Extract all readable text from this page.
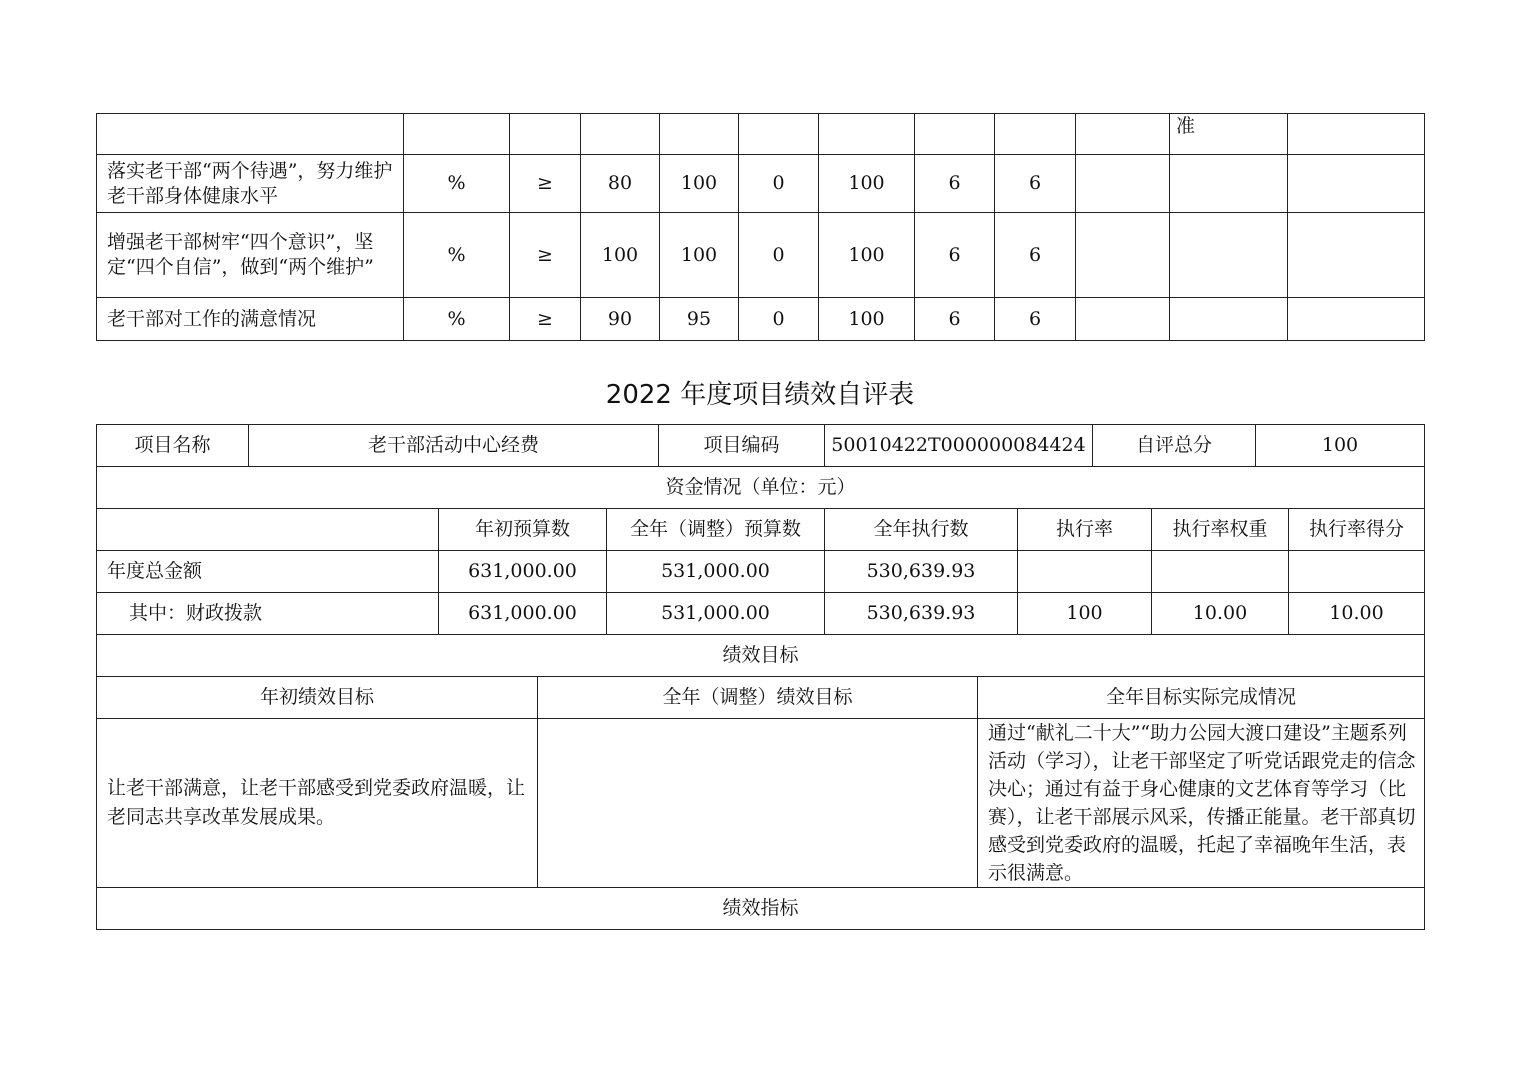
										准	
落实老干部“两个待遇”，努力维护老干部身体健康水平	%	≥	80	100	0	100	6	6			
增强老干部树牢“四个意识”，坚定“四个自信”，做到“两个维护”	%	≥	100	100	0	100	6	6			
老干部对工作的满意情况	%	≥	90	95	0	100	6	6			
2022 年度项目绩效自评表
项目名称	老干部活动中心经费	项目编码	50010422T000000084424	自评总分	100
资金情况（单位：元）
	年初预算数	全年（调整）预算数	全年执行数	执行率	执行率权重	执行率得分
年度总金额	631,000.00	531,000.00	530,639.93			
其中：财政拨款	631,000.00	531,000.00	530,639.93	100	10.00	10.00
绩效目标						
年初绩效目标	全年（调整）绩效目标	全年目标实际完成情况
让老干部满意，让老干部感受到党委政府温暖，让老同志共享改革发展成果。		通过“献礼二十大”“助力公园大渡口建设”主题系列活动（学习），让老干部坚定了听党话跟党走的信念决心；通过有益于身心健康的文艺体育等学习（比赛），让老干部展示风采，传播正能量。老干部真切感受到党委政府的温暖，托起了幸福晚年生活，表示很满意。
绩效指标		
